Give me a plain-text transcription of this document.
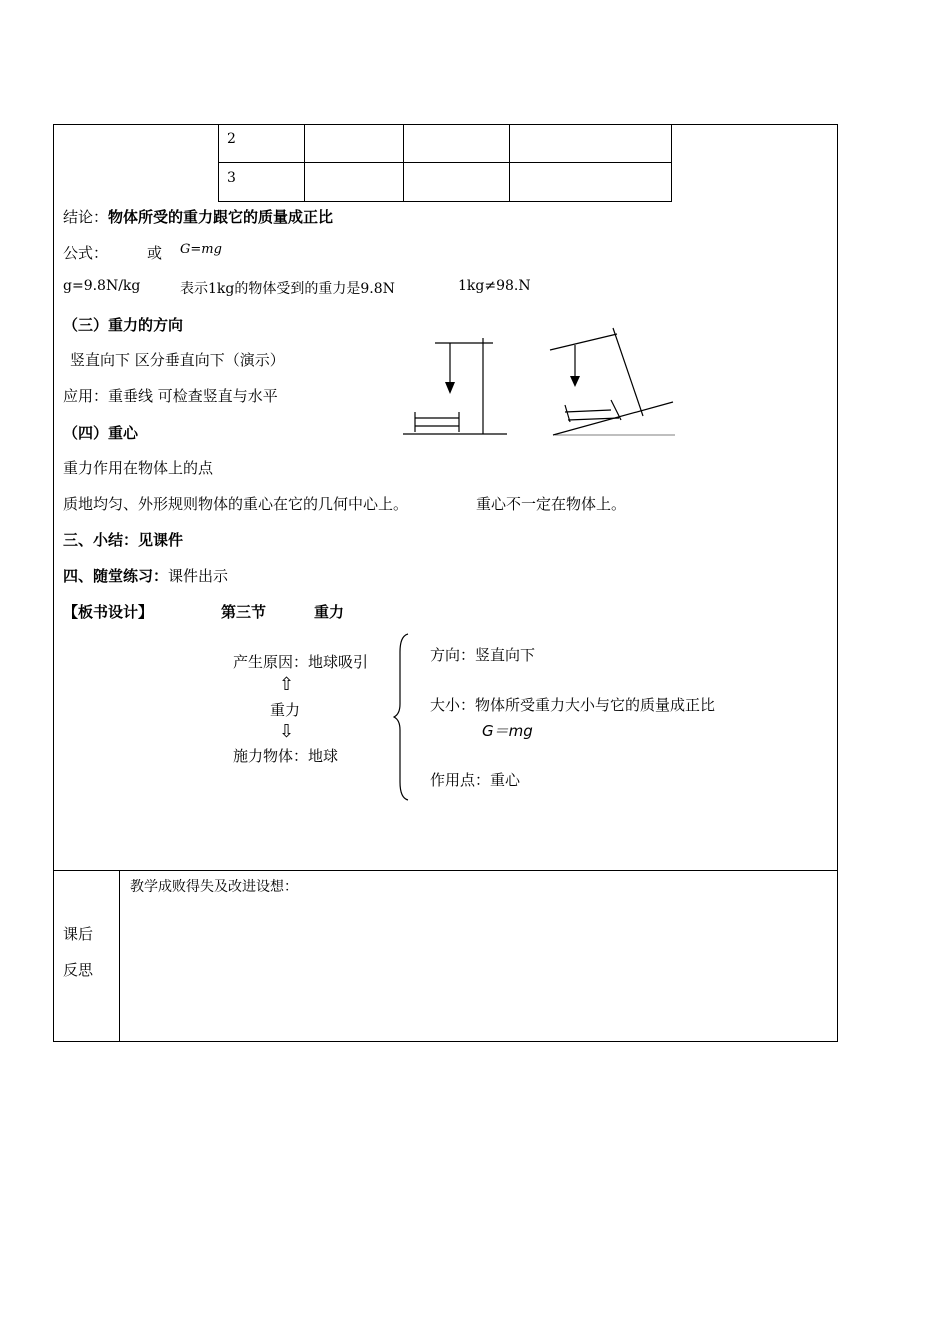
2
3
结论：物体所受的重力跟它的质量成正比
公式：	或 G=mg
g=9.8N/kg	表示1kg的物体受到的重力是9.8N	1kg≠98.N
（三）重力的方向
竖直向下 区分垂直向下（演示）
应用：重垂线 可检查竖直与水平
（四）重心
重力作用在物体上的点
质地均匀、外形规则物体的重心在它的几何中心上。	重心不一定在物体上。
三、小结：见课件
四、随堂练习：课件出示
【板书设计】	第三节	重力
产生原因：地球吸引
⇧
重力
⇩
施力物体：地球
方向：竖直向下
大小：物体所受重力大小与它的质量成正比
G＝mg
作用点：重心
课后
反思
教学成败得失及改进设想：
